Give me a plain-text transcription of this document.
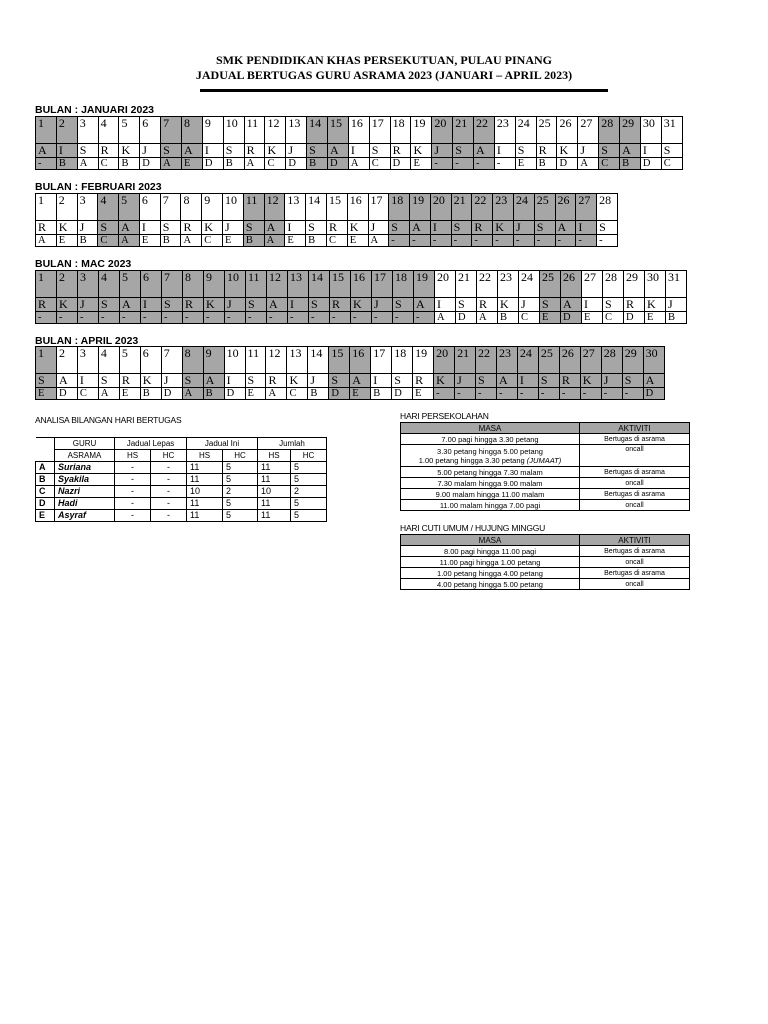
SMK PENDIDIKAN KHAS PERSEKUTUAN, PULAU PINANG
JADUAL BERTUGAS GURU ASRAMA 2023 (JANUARI – APRIL 2023)
BULAN : JANUARI 2023
1	2	3	4	5	6	7	8	9	10	11	12	13	14	15	16	17	18	19	20	21	22	23	24	25	26	27	28	29	30	31
A	I	S	R	K	J	S	A	I	S	R	K	J	S	A	I	S	R	K	J	S	A	I	S	R	K	J	S	A	I	S
-	B	A	C	B	D	A	E	D	B	A	C	D	B	D	A	C	D	E	-	-	-	-	E	B	D	A	C	B	D	C
BULAN : FEBRUARI 2023
1	2	3	4	5	6	7	8	9	10	11	12	13	14	15	16	17	18	19	20	21	22	23	24	25	26	27	28
R	K	J	S	A	I	S	R	K	J	S	A	I	S	R	K	J	S	A	I	S	R	K	J	S	A	I	S
A	E	B	C	A	E	B	A	C	E	B	A	E	B	C	E	A	-	-	-	-	-	-	-	-	-	-	-
BULAN : MAC 2023
1	2	3	4	5	6	7	8	9	10	11	12	13	14	15	16	17	18	19	20	21	22	23	24	25	26	27	28	29	30	31
R	K	J	S	A	I	S	R	K	J	S	A	I	S	R	K	J	S	A	I	S	R	K	J	S	A	I	S	R	K	J
-	-	-	-	-	-	-	-	-	-	-	-	-	-	-	-	-	-	-	A	D	A	B	C	E	D	E	C	D	E	B
BULAN : APRIL 2023
1	2	3	4	5	6	7	8	9	10	11	12	13	14	15	16	17	18	19	20	21	22	23	24	25	26	27	28	29	30
S	A	I	S	R	K	J	S	A	I	S	R	K	J	S	A	I	S	R	K	J	S	A	I	S	R	K	J	S	A
E	D	C	A	E	B	D	A	B	D	E	A	C	B	D	E	B	D	E	-	-	-	-	-	-	-	-	-	-	D
ANALISA BILANGAN HARI BERTUGAS
	GURU	Jadual Lepas		Jadual Ini		Jumlah	
	ASRAMA	HS	HC	HS	HC	HS	HC
A	Suriana	-	-	11	5	11	5
B	Syakila	-	-	11	5	11	5
C	Nazri	-	-	10	2	10	2
D	Hadi	-	-	11	5	11	5
E	Asyraf	-	-	11	5	11	5
HARI PERSEKOLAHAN
MASA	AKTIVITI

7.00 pagi hingga 3.30 petang	Bertugas di asrama

3.30 petang hingga 5.00 petang
1.00 petang hingga 3.30 petang (JUMAAT)	oncall

5.00 petang hingga 7.30 malam	Bertugas di asrama

7.30 malam hingga 9.00 malam	oncall

9.00 malam hingga 11.00 malam	Bertugas di asrama

11.00 malam hingga 7.00 pagi	oncall
HARI CUTI UMUM / HUJUNG MINGGU
MASA	AKTIVITI

8.00 pagi hingga 11.00 pagi	Bertugas di asrama

11.00 pagi hingga 1.00 petang	oncall

1.00 petang hingga 4.00 petang	Bertugas di asrama

4.00 petang hingga 5.00 petang	oncall
